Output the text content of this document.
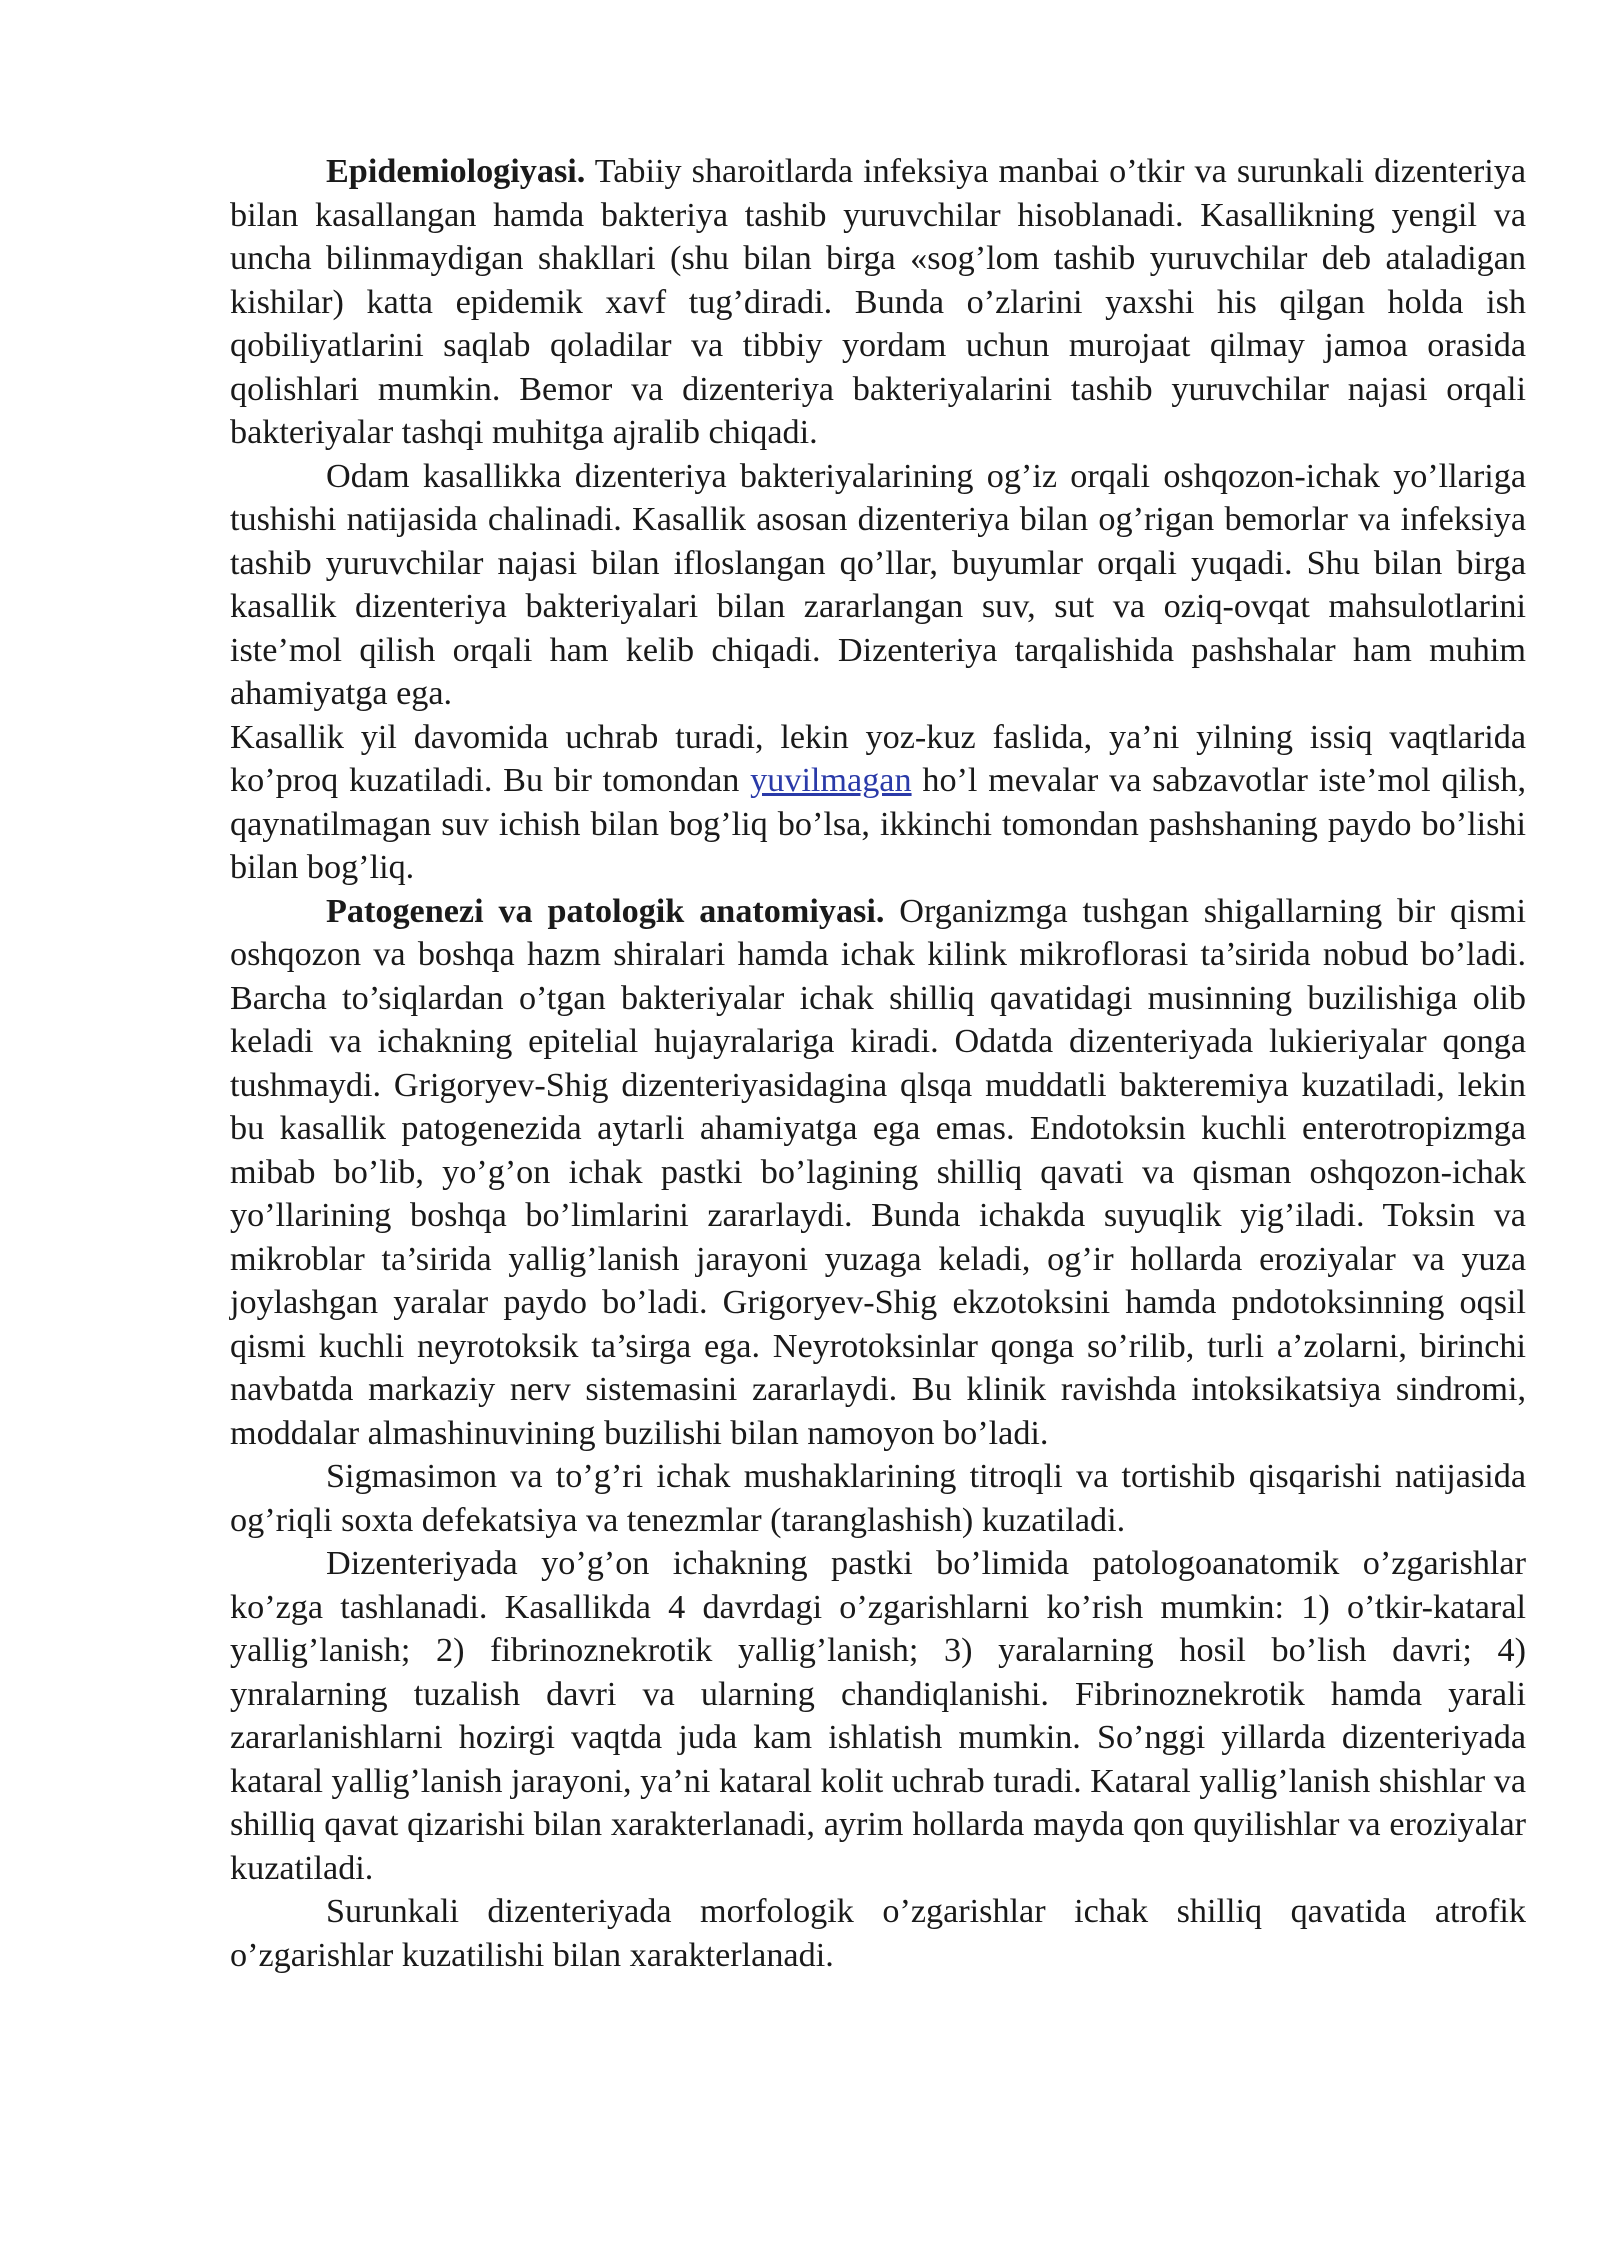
Epidemiologiyasi. Tabiiy sharoitlarda infeksiya manbai o’tkir va surunkali dizenteriya bilan kasallangan hamda bakteriya tashib yuruvchilar hisoblanadi. Kasallikning yengil va uncha bilinmaydigan shakllari (shu bilan birga «sog’lom tashib yuruvchilar deb ataladigan kishilar) katta epidemik xavf tug’diradi. Bunda o’zlarini yaxshi his qilgan holda ish qobiliyatlarini saqlab qoladilar va tibbiy yordam uchun murojaat qilmay jamoa orasida qolishlari mumkin. Bemor va dizenteriya bakteriyalarini tashib yuruvchilar najasi orqali bakteriyalar tashqi muhitga ajralib chiqadi.

Odam kasallikka dizenteriya bakteriyalarining og’iz orqali oshqozon-ichak yo’llariga tushishi natijasida chalinadi. Kasallik asosan dizenteriya bilan og’rigan bemorlar va infeksiya tashib yuruvchilar najasi bilan ifloslangan qo’llar, buyumlar orqali yuqadi. Shu bilan birga kasallik dizenteriya bakteriyalari bilan zararlangan suv, sut va oziq-ovqat mahsulotlarini iste’mol qilish orqali ham kelib chiqadi. Dizenteriya tarqalishida pashshalar ham muhim ahamiyatga ega.

Kasallik yil davomida uchrab turadi, lekin yoz-kuz faslida, ya’ni yilning issiq vaqtlarida ko’proq kuzatiladi. Bu bir tomondan yuvilmagan ho’l mevalar va sabzavotlar iste’mol qilish, qaynatilmagan suv ichish bilan bog’liq bo’lsa, ikkinchi tomondan pashshaning paydo bo’lishi bilan bog’liq.

Patogenezi va patologik anatomiyasi. Organizmga tushgan shigallarning bir qismi oshqozon va boshqa hazm shiralari hamda ichak kilink mikroflorasi ta’sirida nobud bo’ladi. Barcha to’siqlardan o’tgan bakteriyalar ichak shilliq qavatidagi musinning buzilishiga olib keladi va ichakning epitelial hujayralariga kiradi. Odatda dizenteriyada lukieriyalar qonga tushmaydi. Grigoryev-Shig dizenteriyasidagina qlsqa muddatli bakteremiya kuzatiladi, lekin bu kasallik patogenezida aytarli ahamiyatga ega emas. Endotoksin kuchli enterotropizmga mibab bo’lib, yo’g’on ichak pastki bo’lagining shilliq qavati va qisman oshqozon-ichak yo’llarining boshqa bo’limlarini zararlaydi. Bunda ichakda suyuqlik yig’iladi. Toksin va mikroblar ta’sirida yallig’lanish jarayoni yuzaga keladi, og’ir hollarda eroziyalar va yuza joylashgan yaralar paydo bo’ladi. Grigoryev-Shig ekzotoksini hamda pndotoksinning oqsil qismi kuchli neyrotoksik ta’sirga ega. Neyrotoksinlar qonga so’rilib, turli a’zolarni, birinchi navbatda markaziy nerv sistemasini zararlaydi. Bu klinik ravishda intoksikatsiya sindromi, moddalar almashinuvining buzilishi bilan namoyon bo’ladi.

Sigmasimon va to’g’ri ichak mushaklarining titroqli va tortishib qisqarishi natijasida og’riqli soxta defekatsiya va tenezmlar (taranglashish) kuzatiladi.

Dizenteriyada yo’g’on ichakning pastki bo’limida patologoanatomik o’zgarishlar ko’zga tashlanadi. Kasallikda 4 davrdagi o’zgarishlarni ko’rish mumkin: 1) o’tkir-kataral yallig’lanish; 2) fibrinoznekrotik yallig’lanish; 3) yaralarning hosil bo’lish davri; 4) ynralarning tuzalish davri va ularning chandiqlanishi. Fibrinoznekrotik hamda yarali zararlanishlarni hozirgi vaqtda juda kam ishlatish mumkin. So’nggi yillarda dizenteriyada kataral yallig’lanish jarayoni, ya’ni kataral kolit uchrab turadi. Kataral yallig’lanish shishlar va shilliq qavat qizarishi bilan xarakterlanadi, ayrim hollarda mayda qon quyilishlar va eroziyalar kuzatiladi.

Surunkali dizenteriyada morfologik o’zgarishlar ichak shilliq qavatida atrofik o’zgarishlar kuzatilishi bilan xarakterlanadi.
